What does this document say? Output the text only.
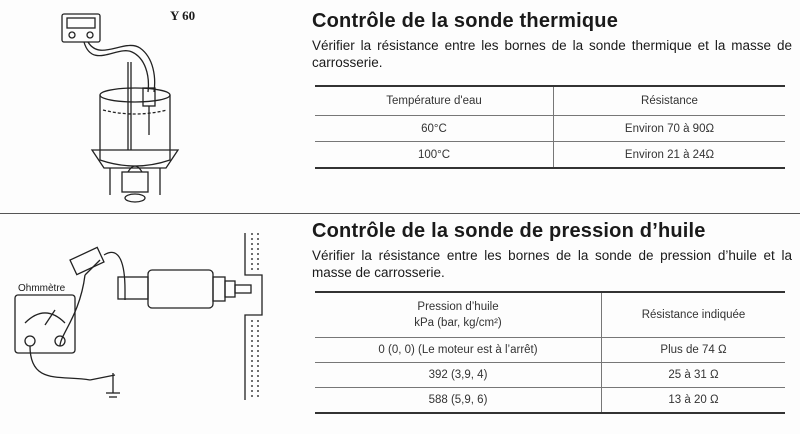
Y 60	Contrôle de la sonde thermique

Vérifier la résistance entre les bornes de la sonde thermique et la masse de carrosserie.

Température d'eau	Résistance
60°C	Environ 70 à 90Ω
100°C	Environ 21 à 24Ω
Ohmmètre
Contrôle de la sonde de pression d’huile

Vérifier la résistance entre les bornes de la sonde de pression d’huile et la masse de carrosserie.

Pression d’huile
kPa (bar, kg/cm²)	Résistance indiquée
0 (0, 0) (Le moteur est à l’arrêt)	Plus de 74 Ω
392 (3,9, 4)	25 à 31 Ω
588 (5,9, 6)	13 à 20 Ω
